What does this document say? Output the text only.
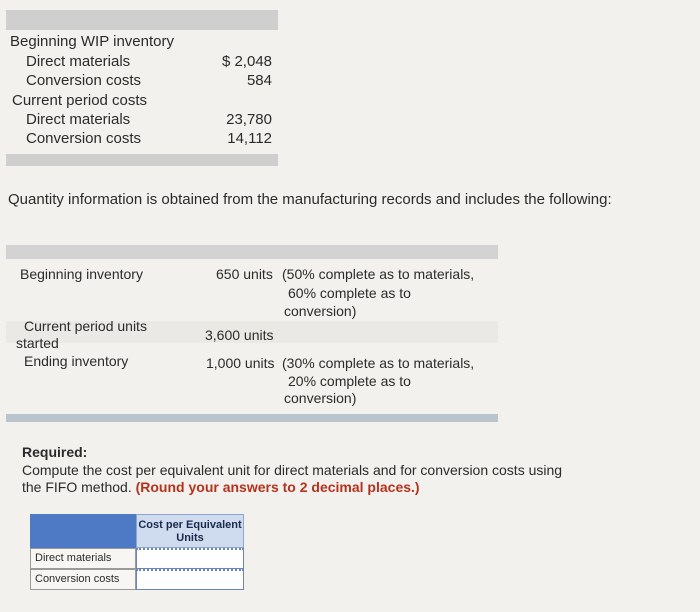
Beginning WIP inventory
Direct materials	$ 2,048
Conversion costs	584
Current period costs
Direct materials	23,780
Conversion costs	14,112
Quantity information is obtained from the manufacturing records and includes the following:
Beginning inventory	650 units (50% complete as to materials,
60% complete as to
conversion)
Current period units
started	3,600 units
Ending inventory	1,000 units (30% complete as to materials,
20% complete as to
conversion)
Required:
Compute the cost per equivalent unit for direct materials and for conversion costs using
the FIFO method. (Round your answers to 2 decimal places.)
Cost per Equivalent Units
Direct materials
Conversion costs
